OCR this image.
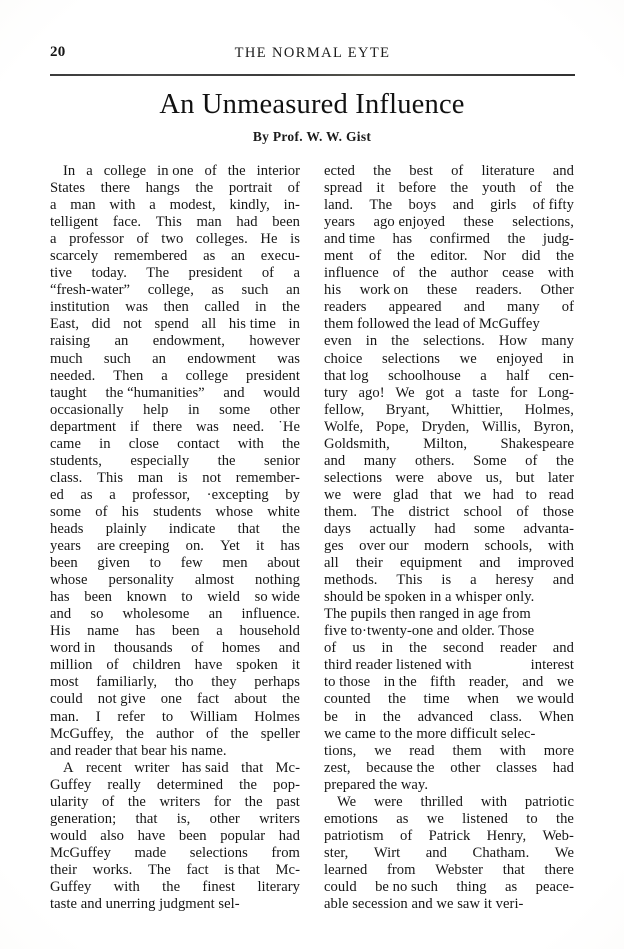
20	THE NORMAL EYTE
An Unmeasured Influence
By Prof. W. W. Gist

In a college in one of the interior
States there hangs the portrait of
a man with a modest, kindly, in-
telligent face. This man had been
a professor of two colleges. He is
scarcely remembered as an execu-
tive today. The president of a
“fresh-water” college, as such an
institution was then called in the
East, did not spend all his time in
raising an endowment, however
much such an endowment was
needed. Then a college president
taught the “humanities” and would
occasionally help in some other
department if there was need. ˙He
came in close contact with the
students, especially the senior
class. This man is not remember-
ed as a professor, ·excepting by
some of his students whose white
heads plainly indicate that the
years are creeping on. Yet it has
been given to few men about
whose personality almost nothing
has been known to wield so wide
and so wholesome an influence.
His name has been a household
word in thousands of homes and
million of children have spoken it
most familiarly, tho they perhaps
could not give one fact about the
man. I refer to William Holmes
McGuffey, the author of the speller
and reader that bear his name.

A recent writer has said that Mc-
Guffey really determined the pop-
ularity of the writers for the past
generation; that is, other writers
would also have been popular had
McGuffey made selections from
their works. The fact is that Mc-
Guffey with the finest literary
taste and unerring judgment sel-

ected the best of literature and
spread it before the youth of the
land. The boys and girls of fifty
years ago enjoyed these selections,
and time has confirmed the judg-
ment of the editor. Nor did the
influence of the author cease with
his work on these readers. Other
readers appeared and many of
them followed the lead of McGuffey
even in the selections. How many
choice selections we enjoyed in
that log schoolhouse a half cen-
tury ago! We got a taste for Long-
fellow, Bryant, Whittier, Holmes,
Wolfe, Pope, Dryden, Willis, Byron,
Goldsmith, Milton, Shakespeare
and many others. Some of the
selections were above us, but later
we were glad that we had to read
them. The district school of those
days actually had some advanta-
ges over our modern schools, with
all their equipment and improved
methods. This is a heresy and
should be spoken in a whisper only.
The pupils then ranged in age from
five to·twenty-one and older. Those
of us in the second reader and
third reader listened with	interest
to those in the fifth reader, and we
counted the time when we would
be in the advanced class. When
we came to the more difficult selec-
tions, we read them with more
zest, because the other classes had
prepared the way.

We were thrilled with patriotic
emotions as we listened to the
patriotism of Patrick Henry, Web-
ster, Wirt and Chatham. We
learned from Webster that there
could be no such thing as peace-
able secession and we saw it veri-
